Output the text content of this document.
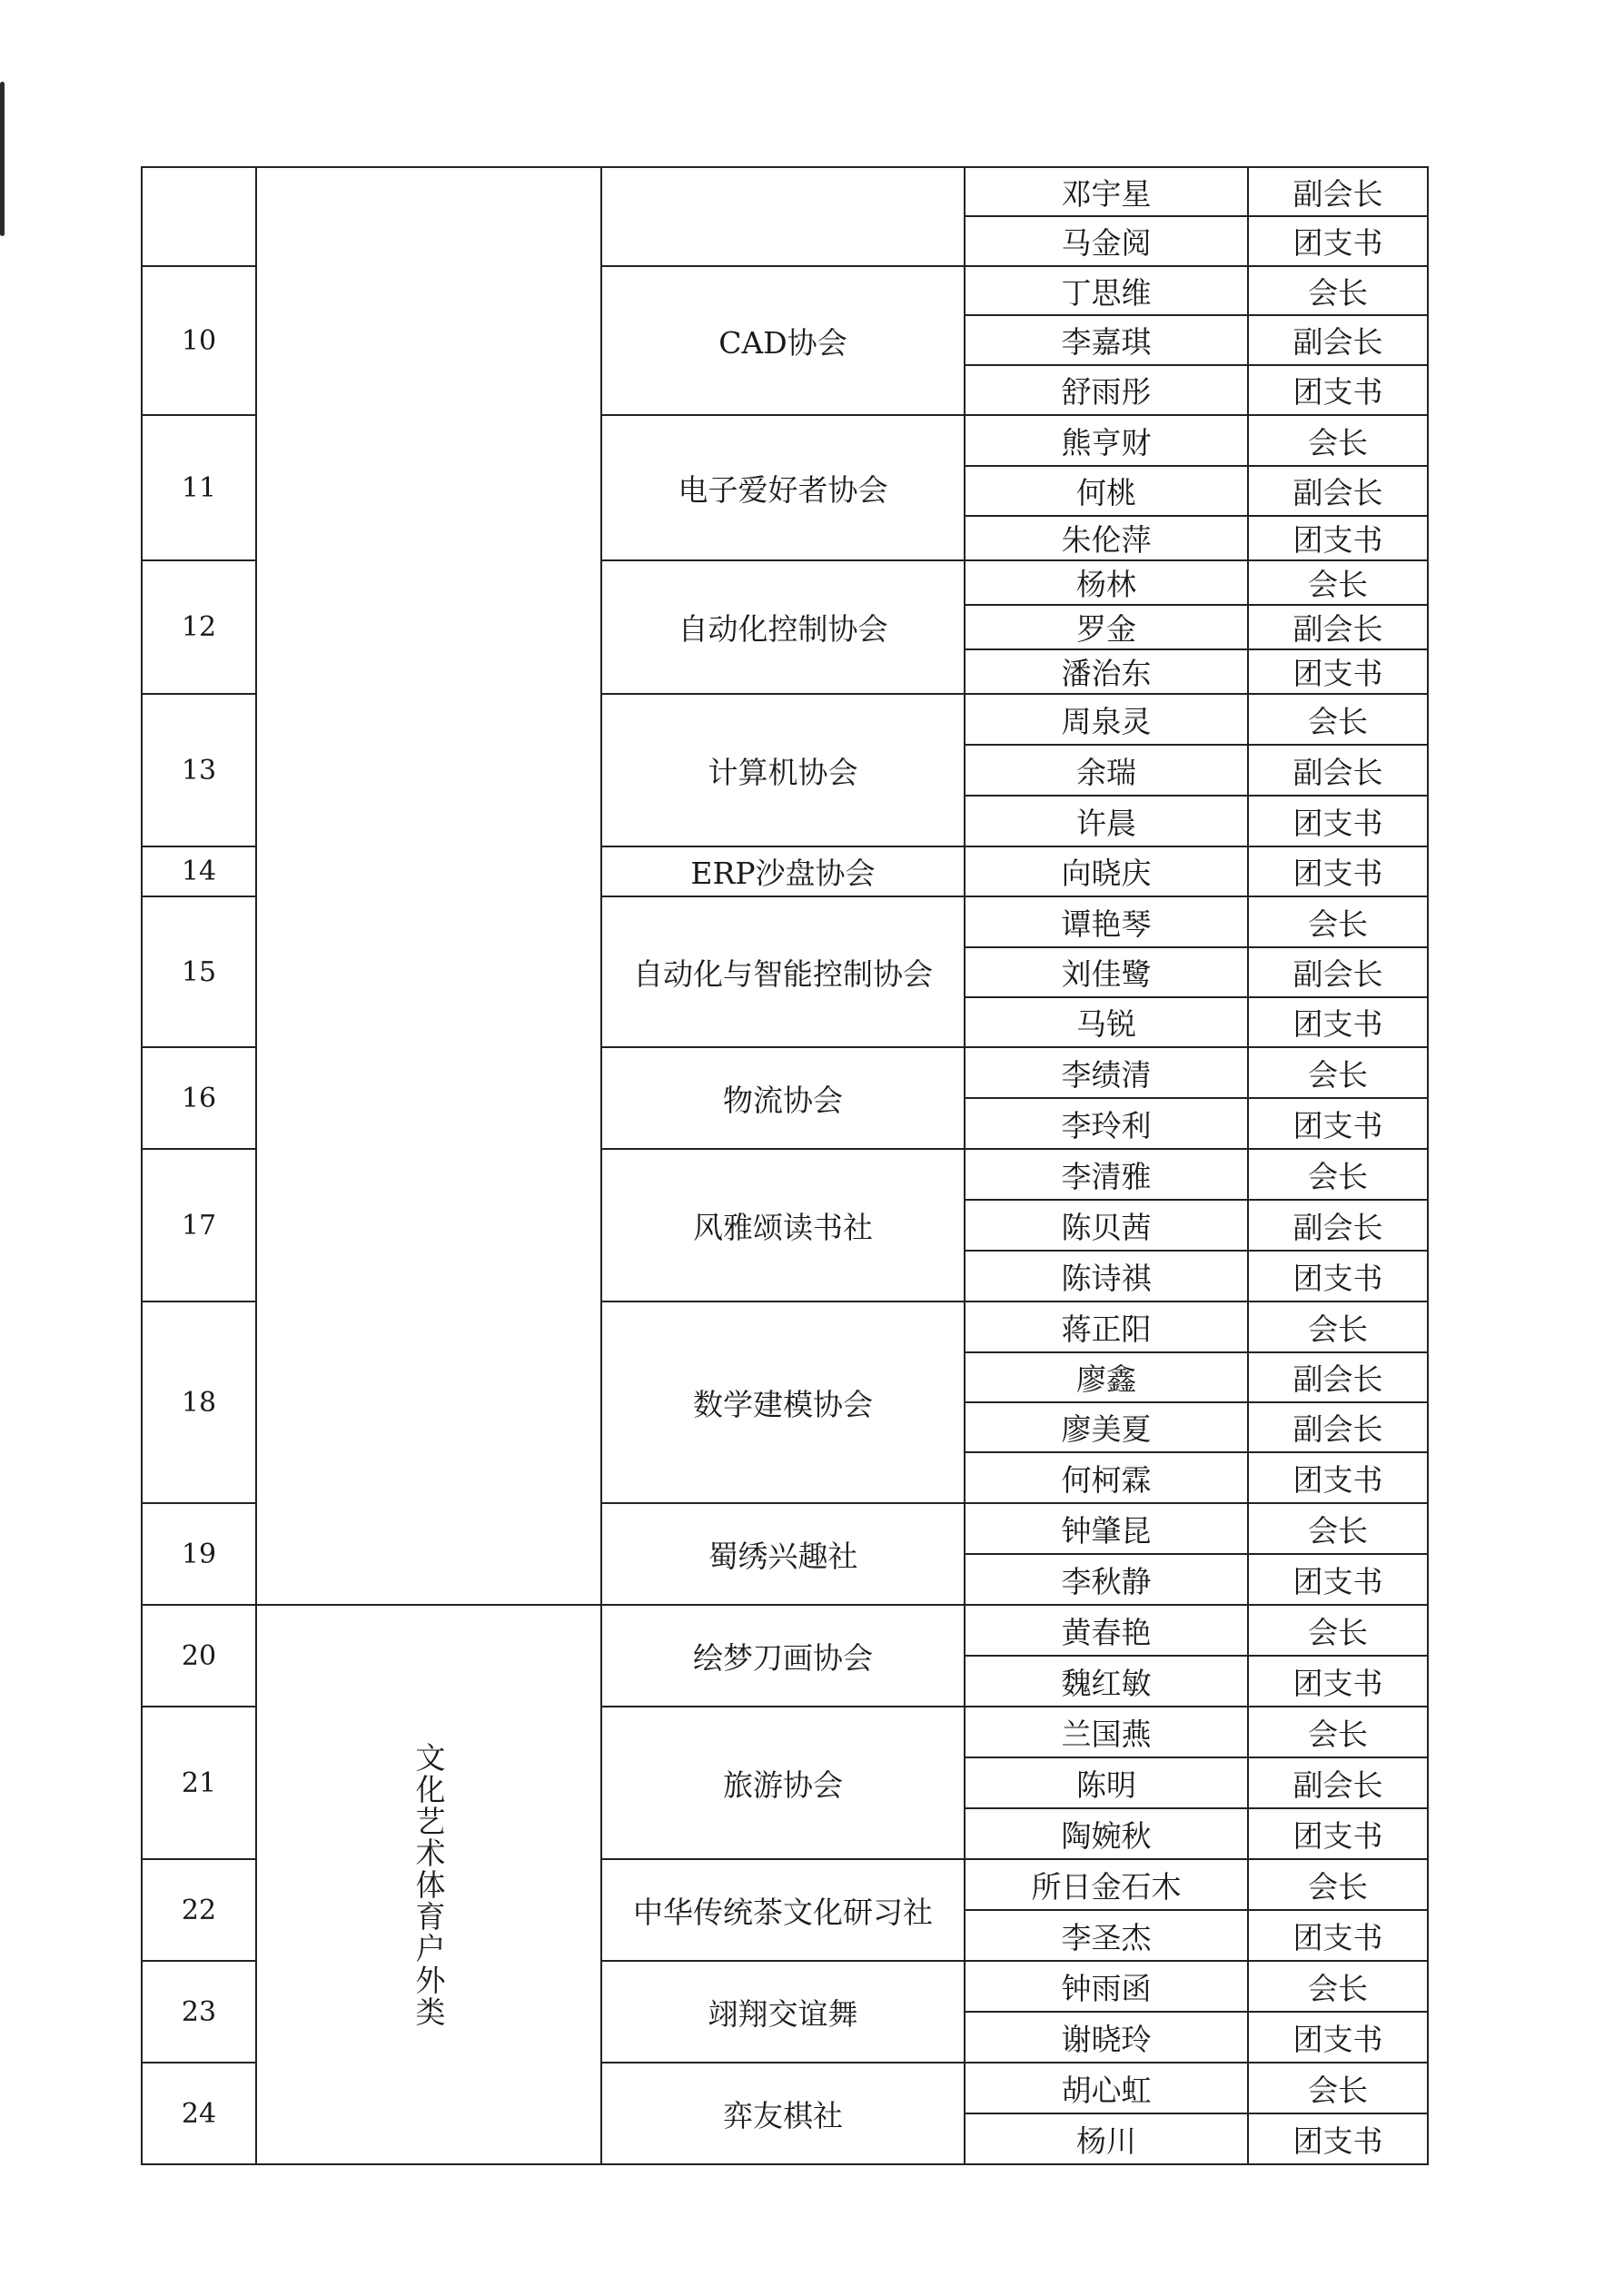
			邓宇星	副会长
			马金阅	团支书
10		CAD协会	丁思维	会长
			李嘉琪	副会长
			舒雨彤	团支书
11		电子爱好者协会	熊亨财	会长
			何桃	副会长
			朱伦萍	团支书
12		自动化控制协会	杨林	会长
			罗金	副会长
			潘治东	团支书
13		计算机协会	周泉灵	会长
			余瑞	副会长
			许晨	团支书
14		ERP沙盘协会	向晓庆	团支书
15		自动化与智能控制协会	谭艳琴	会长
			刘佳鹭	副会长
			马锐	团支书
16		物流协会	李绩清	会长
			李玲利	团支书
17		风雅颂读书社	李清雅	会长
			陈贝茜	副会长
			陈诗祺	团支书
18		数学建模协会	蒋正阳	会长
			廖鑫	副会长
			廖美夏	副会长
			何柯霖	团支书
19		蜀绣兴趣社	钟肇昆	会长
			李秋静	团支书
20	文化艺术体育户外类	绘梦刀画协会	黄春艳	会长
			魏红敏	团支书
21		旅游协会	兰国燕	会长
			陈明	副会长
			陶婉秋	团支书
22		中华传统茶文化研习社	所日金石木	会长
			李圣杰	团支书
23		翊翔交谊舞	钟雨函	会长
			谢晓玲	团支书
24		弈友棋社	胡心虹	会长
			杨川	团支书
